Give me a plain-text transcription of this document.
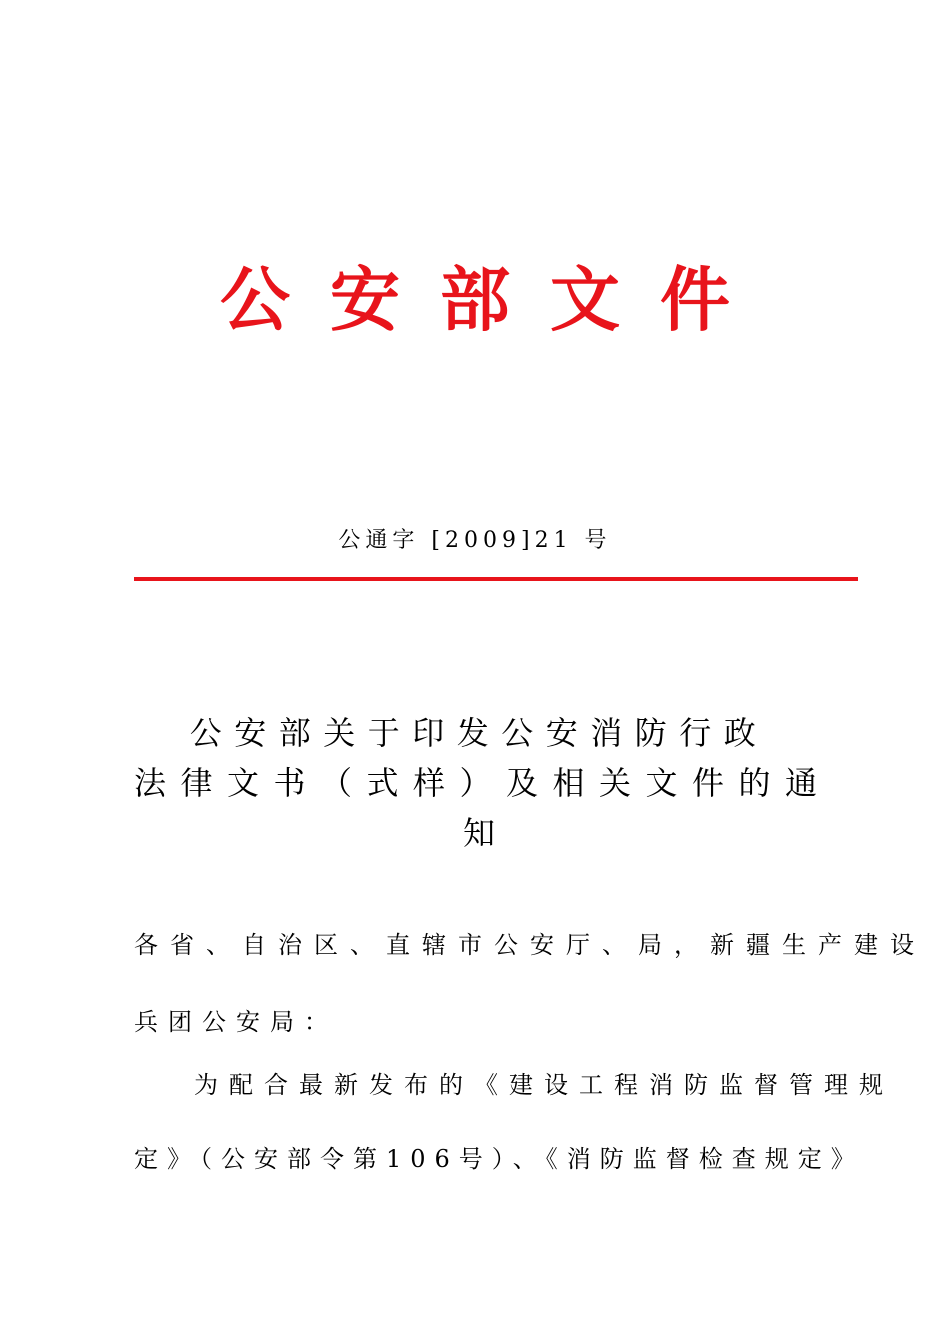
公安部文件
公通字 [2009]21 号
公安部关于印发公安消防行政
法律文书（式样）及相关文件的通
知
各省、自治区、直辖市公安厅、局，新疆生产建设
兵团公安局：
为配合最新发布的《建设工程消防监督管理规
定》（公安部令第106号）、《消防监督检查规定》
